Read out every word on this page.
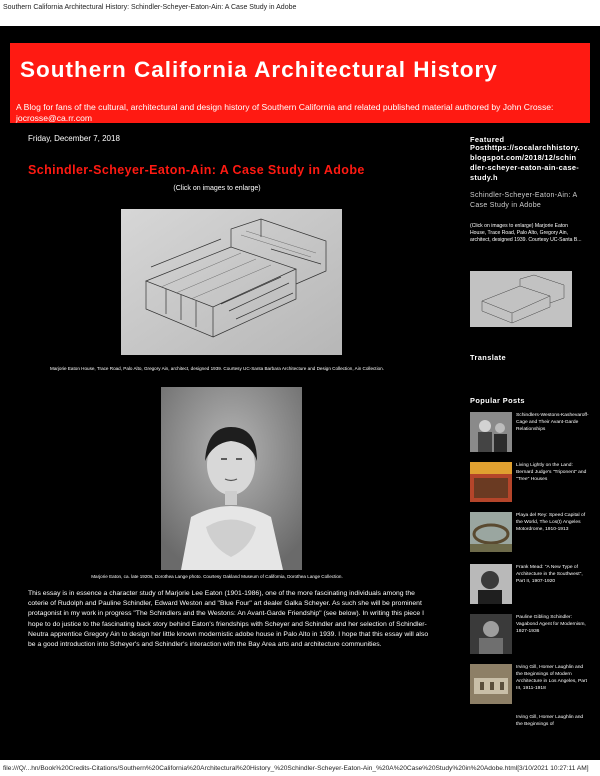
Southern California Architectural History: Schindler-Scheyer-Eaton-Ain: A Case Study in Adobe
Southern California Architectural History
A Blog for fans of the cultural, architectural and design history of Southern California and related published material authored by John Crosse: jocrosse@ca.rr.com
Friday, December 7, 2018
Schindler-Scheyer-Eaton-Ain: A Case Study in Adobe
(Click on images to enlarge)
Marjorie Eaton House, Trace Road, Palo Alto, Gregory Ain, architect, designed 1939. Courtesy UC-Santa Barbara Architecture and Design Collection, Ain Collection.
Marjorie Eaton, ca. late 1920s, Dorothea Lange photo. Courtesy Oakland Museum of California, Dorothea Lange Collection.

This essay is in essence a character study of Marjorie Lee Eaton (1901-1986), one of the more fascinating individuals among the coterie of Rudolph and Pauline Schindler, Edward Weston and "Blue Four" art dealer Galka Scheyer. As such she will be prominent protagonist in my work in progress "The Schindlers and the Westons: An Avant-Garde Friendship" (see below). In writing this piece I hope to do justice to the fascinating back story behind Eaton's friendships with Scheyer and Schindler and her selection of Schindler-Neutra apprentice Gregory Ain to design her little known modernistic adobe house in Palo Alto in 1939. I hope that this essay will also be a good introduction into Scheyer's and Schindler's interaction with the Bay Area arts and architecture communities.

Featured
Posthttps://socalarchhistory.blogspot.com/2018/12/schindler-scheyer-eaton-ain-case-study.h
Schindler-Scheyer-Eaton-Ain: A Case Study in Adobe
(Click on images to enlarge) Marjorie Eaton House, Trace Road, Palo Alto, Gregory Ain, architect, designed 1939. Courtesy UC-Santa B...
Translate
Popular Posts
Schindlers-Westons-Kashevaroff-Cage and Their Avant-Garde Relationships
Living Lightly on the Land: Bernard Judge's "Triponent" and "Tree" Houses
Playa del Rey: Speed Capital of the World, The Los(t) Angeles Motordrome, 1910-1913
Frank Mead: "A New Type of Architecture in the Southwest", Part II, 1907-1920
Pauline Gibling Schindler: Vagabond Agent for Modernism, 1927-1936
Irving Gill, Homer Laughlin and the Beginnings of Modern Architecture in Los Angeles, Part III, 1911-1918
Irving Gill, Homer Laughlin and the Beginnings of
file:///Q/...hn/Book%20Credits-Citations/Southern%20California%20Architectural%20History_%20Schindler-Scheyer-Eaton-Ain_%20A%20Case%20Study%20in%20Adobe.html[3/10/2021 10:27:11 AM]
